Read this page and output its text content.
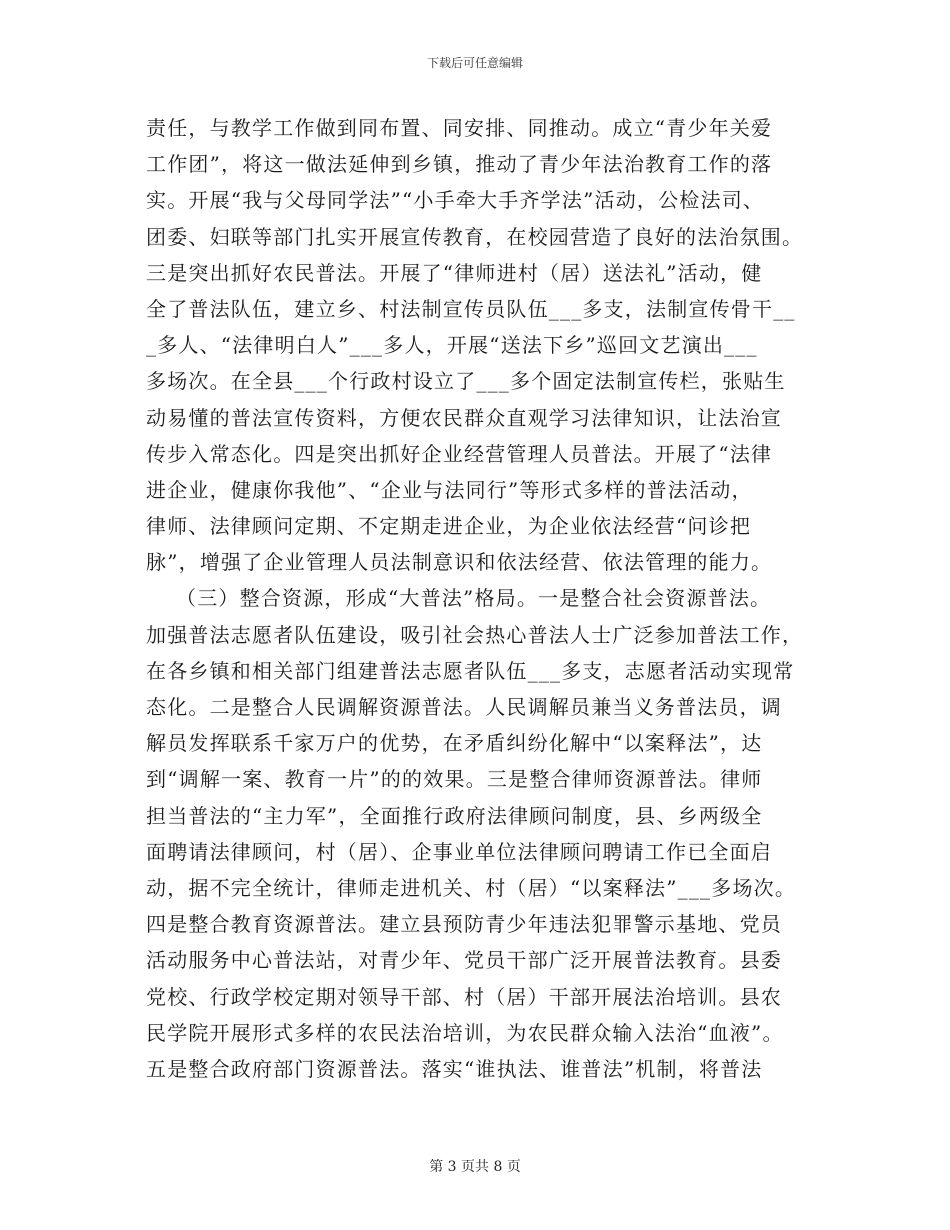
下载后可任意编辑
责任，与教学工作做到同布置、同安排、同推动。成立“青少年关爱
工作团”，将这一做法延伸到乡镇，推动了青少年法治教育工作的落
实。开展“我与父母同学法”“小手牵大手齐学法”活动，公检法司、
团委、妇联等部门扎实开展宣传教育，在校园营造了良好的法治氛围。
三是突出抓好农民普法。开展了“律师进村（居）送法礼”活动，健
全了普法队伍，建立乡、村法制宣传员队伍___多支，法制宣传骨干__
_多人、“法律明白人”___多人，开展“送法下乡”巡回文艺演出___
多场次。在全县___个行政村设立了___多个固定法制宣传栏，张贴生
动易懂的普法宣传资料，方便农民群众直观学习法律知识，让法治宣
传步入常态化。四是突出抓好企业经营管理人员普法。开展了“法律
进企业，健康你我他”、“企业与法同行”等形式多样的普法活动，
律师、法律顾问定期、不定期走进企业，为企业依法经营“问诊把
脉”，增强了企业管理人员法制意识和依法经营、依法管理的能力。
（三）整合资源，形成“大普法”格局。一是整合社会资源普法。
加强普法志愿者队伍建设，吸引社会热心普法人士广泛参加普法工作，
在各乡镇和相关部门组建普法志愿者队伍___多支，志愿者活动实现常
态化。二是整合人民调解资源普法。人民调解员兼当义务普法员，调
解员发挥联系千家万户的优势，在矛盾纠纷化解中“以案释法”，达
到“调解一案、教育一片”的的效果。三是整合律师资源普法。律师
担当普法的“主力军”，全面推行政府法律顾问制度，县、乡两级全
面聘请法律顾问，村（居）、企事业单位法律顾问聘请工作已全面启
动，据不完全统计，律师走进机关、村（居）“以案释法”___多场次。
四是整合教育资源普法。建立县预防青少年违法犯罪警示基地、党员
活动服务中心普法站，对青少年、党员干部广泛开展普法教育。县委
党校、行政学校定期对领导干部、村（居）干部开展法治培训。县农
民学院开展形式多样的农民法治培训，为农民群众输入法治“血液”。
五是整合政府部门资源普法。落实“谁执法、谁普法”机制，将普法
第 3 页共 8 页
